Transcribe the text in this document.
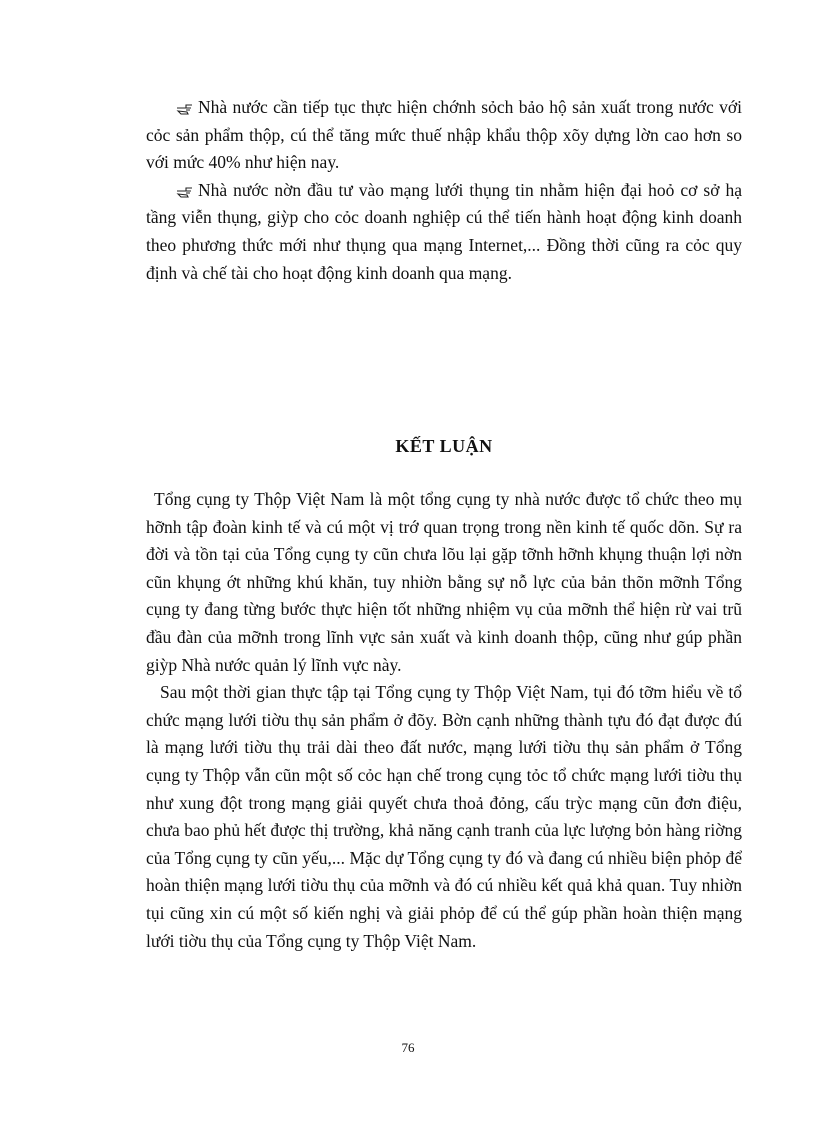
Nhà nước cần tiếp tục thực hiện chớnh sỏch bảo hộ sản xuất trong nước với cỏc sản phẩm thộp, cú thể tăng mức thuế nhập khẩu thộp xõy dựng lờn cao hơn so với mức 40% như hiện nay.

Nhà nước nờn đầu tư vào mạng lưới thụng tin nhằm hiện đại hoỏ cơ sở hạ tầng viễn thụng, giỳp cho cỏc doanh nghiệp cú thể tiến hành hoạt động kinh doanh theo phương thức mới như thụng qua mạng Internet,... Đồng thời cũng ra cỏc quy định và chế tài cho hoạt động kinh doanh qua mạng.

KẾT LUẬN

Tổng cụng ty Thộp Việt Nam là một tổng cụng ty nhà nước được tổ chức theo mụ hỡnh tập đoàn kinh tế và cú một vị trớ quan trọng trong nền kinh tế quốc dõn. Sự ra đời và tồn tại của Tổng cụng ty cũn chưa lõu lại gặp tỡnh hỡnh khụng thuận lợi nờn cũn khụng ớt những khú khăn, tuy nhiờn bằng sự nỗ lực của bản thõn mỡnh Tổng cụng ty đang từng bước thực hiện tốt những nhiệm vụ của mỡnh thể hiện rừ vai trũ đầu đàn của mỡnh trong lĩnh vực sản xuất và kinh doanh thộp, cũng như gúp phần giỳp Nhà nước quản lý lĩnh vực này.

Sau một thời gian thực tập tại Tổng cụng ty Thộp Việt Nam, tụi đó tỡm hiểu về tổ chức mạng lưới tiờu thụ sản phẩm ở đõy. Bờn cạnh những thành tựu đó đạt được đú là mạng lưới tiờu thụ trải dài theo đất nước, mạng lưới tiờu thụ sản phẩm ở Tổng cụng ty Thộp vẫn cũn một số cỏc hạn chế trong cụng tỏc tổ chức mạng lưới tiờu thụ như xung đột trong mạng giải quyết chưa thoả đỏng, cấu trỳc mạng cũn đơn điệu, chưa bao phủ hết được thị trường, khả năng cạnh tranh của lực lượng bỏn hàng riờng của Tổng cụng ty cũn yếu,... Mặc dự Tổng cụng ty đó và đang cú nhiều biện phỏp để hoàn thiện mạng lưới tiờu thụ của mỡnh và đó cú nhiều kết quả khả quan. Tuy nhiờn tụi cũng xin cú một số kiến nghị và giải phỏp để cú thể gúp phần hoàn thiện mạng lưới tiờu thụ của Tổng cụng ty Thộp Việt Nam.

76
